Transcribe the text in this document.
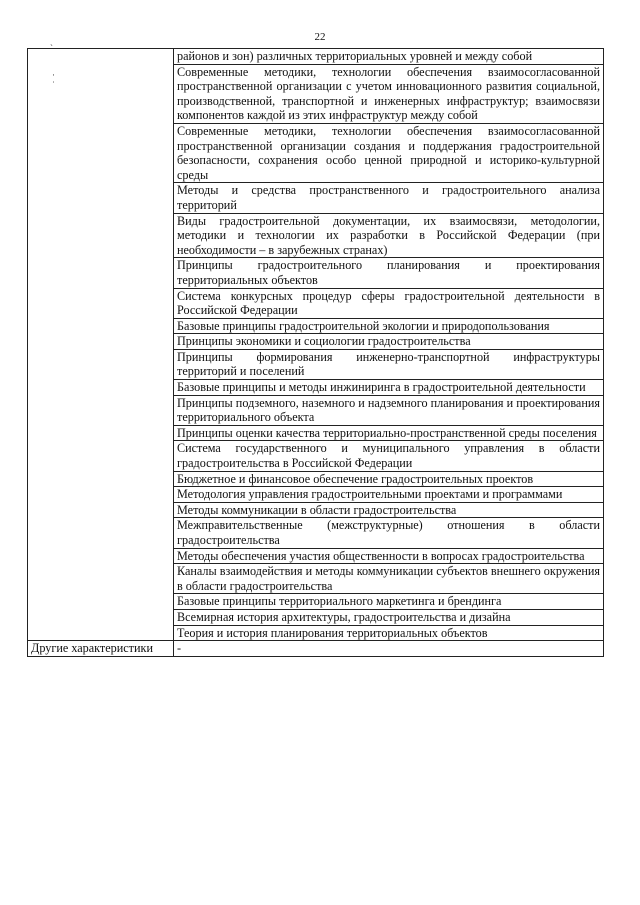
22
ˎ
·
˙
	районов и зон) различных территориальных уровней и между собой
	Современные методики, технологии обеспечения взаимосогласованной пространственной организации с учетом инновационного развития социальной, производственной, транспортной и инженерных инфраструктур; взаимосвязи компонентов каждой из этих инфраструктур между собой
	Современные методики, технологии обеспечения взаимосогласованной пространственной организации создания и поддержания градостроительной безопасности, сохранения особо ценной природной и историко-культурной среды
	Методы и средства пространственного и градостроительного анализа территорий
	Виды градостроительной документации, их взаимосвязи, методологии, методики и технологии их разработки в Российской Федерации (при необходимости – в зарубежных странах)
	Принципы градостроительного планирования и проектирования территориальных объектов
	Система конкурсных процедур сферы градостроительной деятельности в Российской Федерации
	Базовые принципы градостроительной экологии и природопользования
	Принципы экономики и социологии градостроительства
	Принципы формирования инженерно-транспортной инфраструктуры территорий и поселений
	Базовые принципы и методы инжиниринга в градостроительной деятельности
	Принципы подземного, наземного и надземного планирования и проектирования территориального объекта
	Принципы оценки качества территориально-пространственной среды поселения
	Система государственного и муниципального управления в области градостроительства в Российской Федерации
	Бюджетное и финансовое обеспечение градостроительных проектов
	Методология управления градостроительными проектами и программами
	Методы коммуникации в области градостроительства
	Межправительственные (межструктурные) отношения в области градостроительства
	Методы обеспечения участия общественности в вопросах градостроительства
	Каналы взаимодействия и методы коммуникации субъектов внешнего окружения в области градостроительства
	Базовые принципы территориального маркетинга и брендинга
	Всемирная история архитектуры, градостроительства и дизайна
	Теория и история планирования территориальных объектов
Другие характеристики	-
